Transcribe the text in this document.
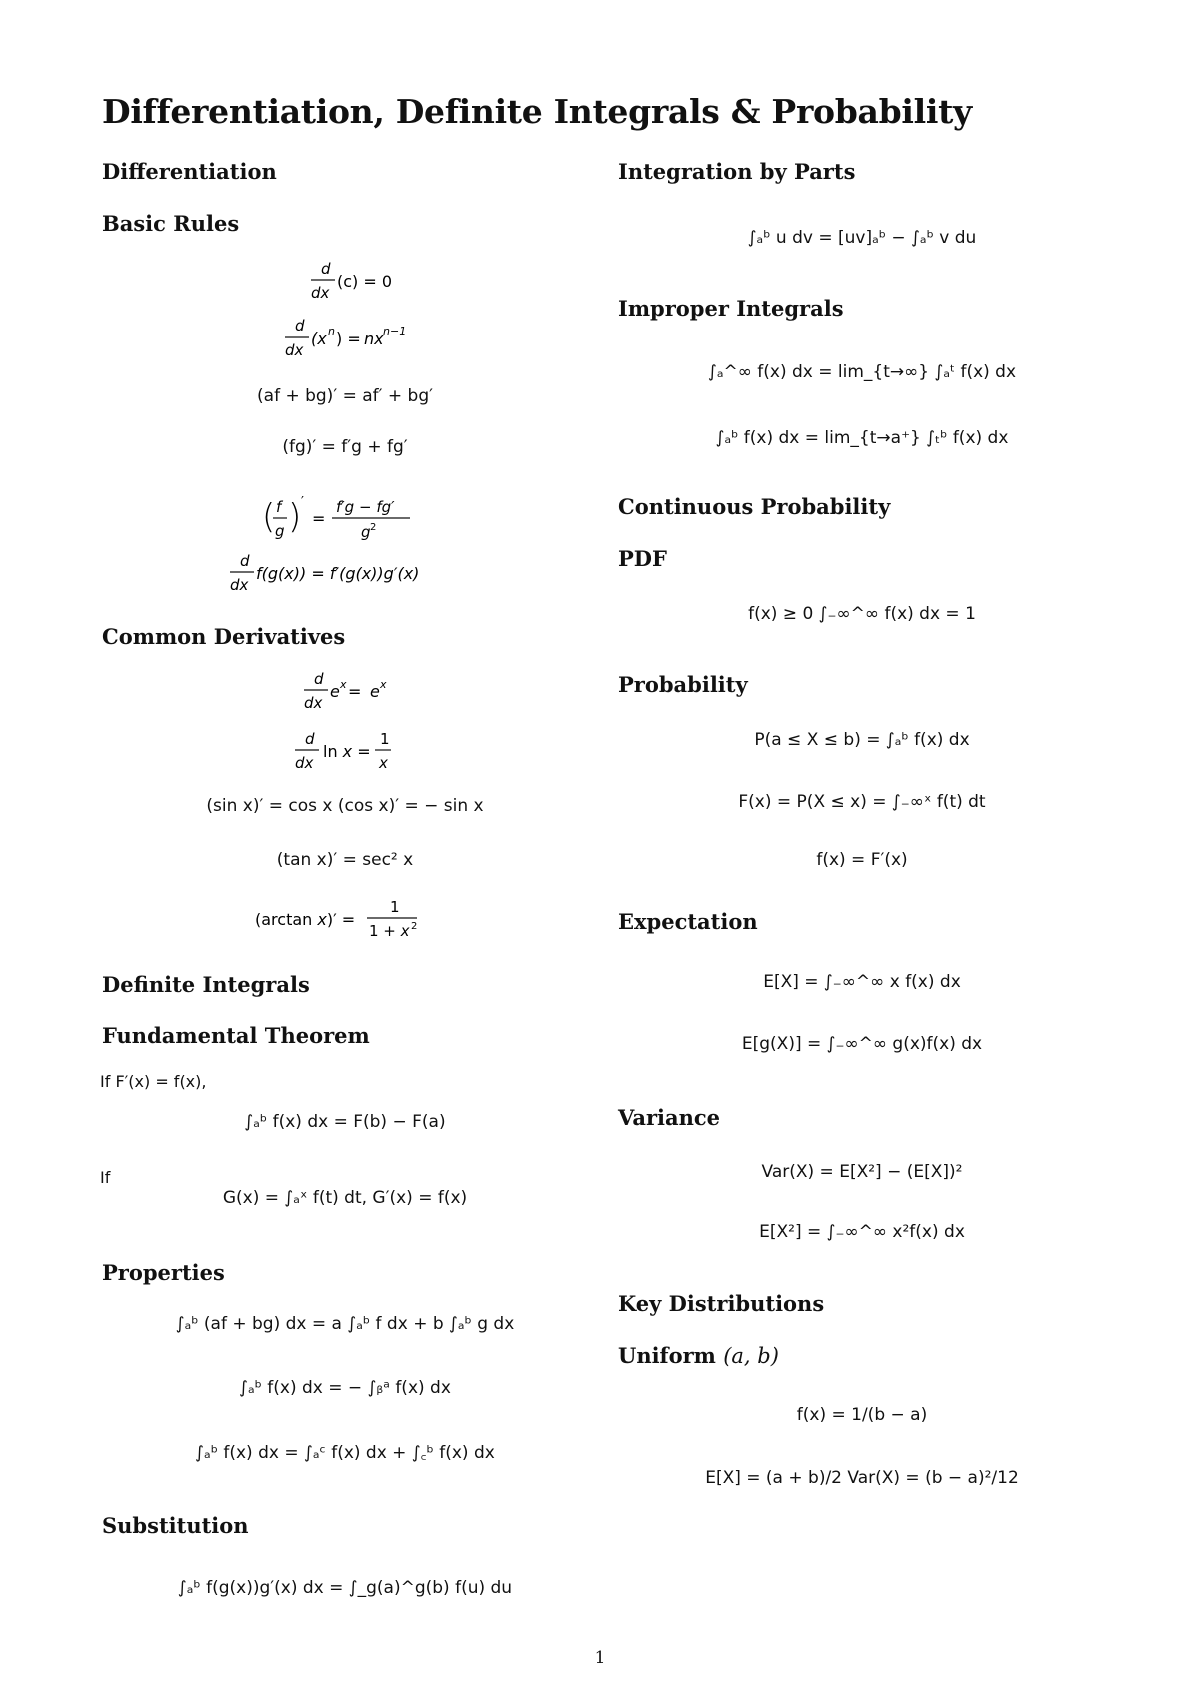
Differentiation, Definite Integrals & Probability
Differentiation
Basic Rules
d
dx
(c) = 0
d
dx
(x n ) = nx n−1
(af + bg)′ = af′ + bg′
(fg)′ = f′g + fg′
( f
g ) ′
=
f′g − fg′
g 2
d
dx
f(g(x)) = f′(g(x))g′(x)
Common Derivatives
d
dx
e x = e x
d
dx
ln x =
1
x
(sin x)′ = cos x (cos x)′ = − sin x
(tan x)′ = sec² x
(arctan x)′ =
1
1 + x 2
Definite Integrals
Fundamental Theorem
If F′(x) = f(x),
∫ₐᵇ f(x) dx = F(b) − F(a)
If
G(x) = ∫ₐˣ f(t) dt, G′(x) = f(x)
Properties
∫ₐᵇ (af + bg) dx = a ∫ₐᵇ f dx + b ∫ₐᵇ g dx
∫ₐᵇ f(x) dx = − ∫ᵦᵃ f(x) dx
∫ₐᵇ f(x) dx = ∫ₐᶜ f(x) dx + ∫꜀ᵇ f(x) dx
Substitution
∫ₐᵇ f(g(x))g′(x) dx = ∫_g(a)^g(b) f(u) du
Integration by Parts
∫ₐᵇ u dv = [uv]ₐᵇ − ∫ₐᵇ v du
Improper Integrals
∫ₐ^∞ f(x) dx = lim_{t→∞} ∫ₐᵗ f(x) dx
∫ₐᵇ f(x) dx = lim_{t→a⁺} ∫ₜᵇ f(x) dx
Continuous Probability
PDF
f(x) ≥ 0 ∫₋∞^∞ f(x) dx = 1
Probability
P(a ≤ X ≤ b) = ∫ₐᵇ f(x) dx
F(x) = P(X ≤ x) = ∫₋∞ˣ f(t) dt
f(x) = F′(x)
Expectation
E[X] = ∫₋∞^∞ x f(x) dx
E[g(X)] = ∫₋∞^∞ g(x)f(x) dx
Variance
Var(X) = E[X²] − (E[X])²
E[X²] = ∫₋∞^∞ x²f(x) dx
Key Distributions
Uniform (a, b)
f(x) = 1/(b − a)
E[X] = (a + b)/2 Var(X) = (b − a)²/12
1
